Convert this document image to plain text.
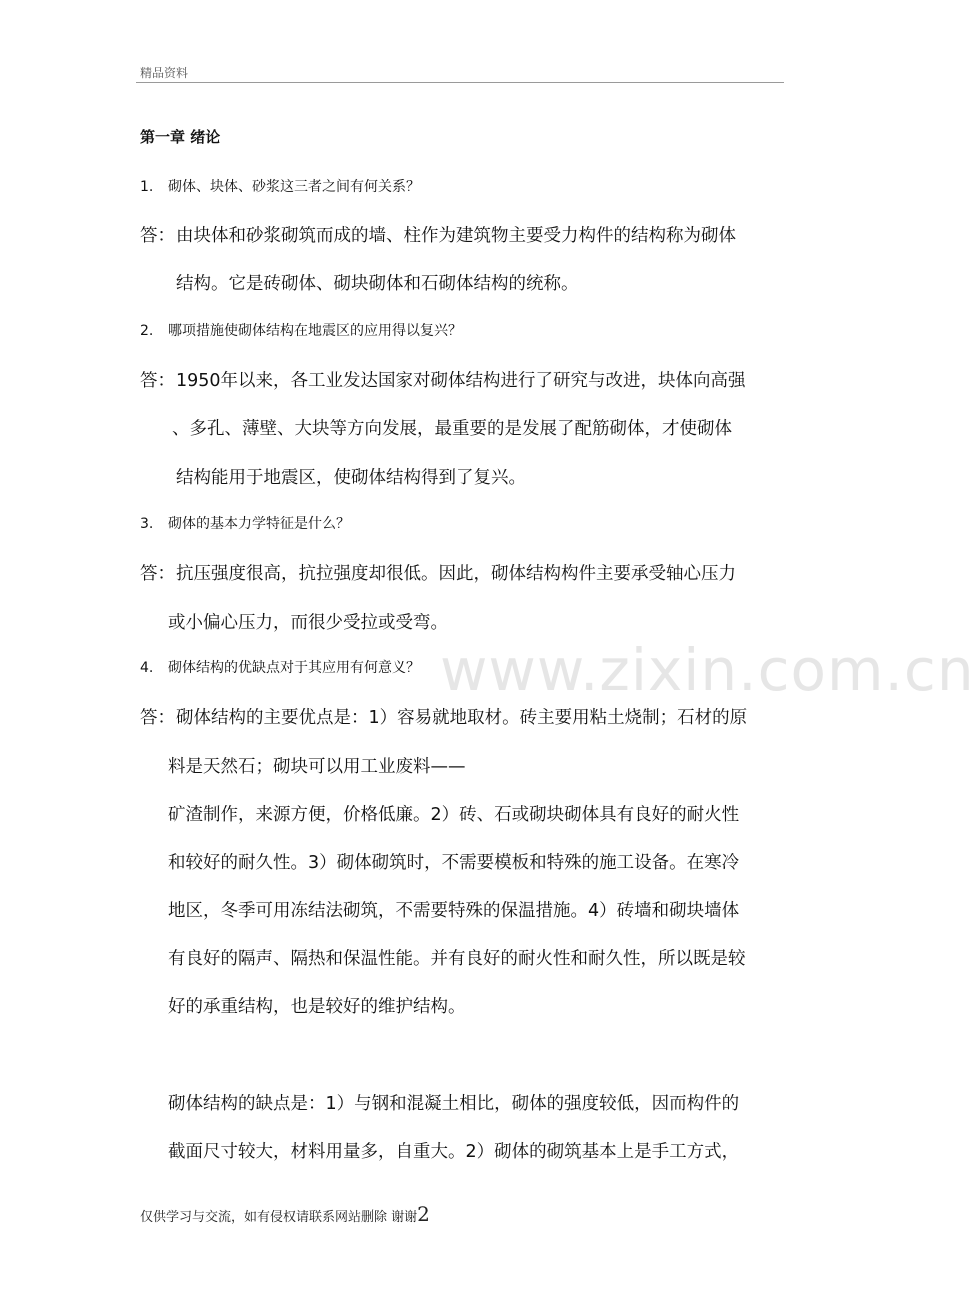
精品资料
www.zixin.com.cn
第一章 绪论
1. 砌体、块体、砂浆这三者之间有何关系？
答：由块体和砂浆砌筑而成的墙、柱作为建筑物主要受力构件的结构称为砌体
结构。它是砖砌体、砌块砌体和石砌体结构的统称。
2. 哪项措施使砌体结构在地震区的应用得以复兴？
答：1950年以来，各工业发达国家对砌体结构进行了研究与改进，块体向高强
、多孔、薄壁、大块等方向发展，最重要的是发展了配筋砌体，才使砌体
结构能用于地震区，使砌体结构得到了复兴。
3. 砌体的基本力学特征是什么？
答：抗压强度很高，抗拉强度却很低。因此，砌体结构构件主要承受轴心压力
或小偏心压力，而很少受拉或受弯。
4. 砌体结构的优缺点对于其应用有何意义？
答：砌体结构的主要优点是：1）容易就地取材。砖主要用粘土烧制；石材的原
料是天然石；砌块可以用工业废料——
矿渣制作，来源方便，价格低廉。2）砖、石或砌块砌体具有良好的耐火性
和较好的耐久性。3）砌体砌筑时，不需要模板和特殊的施工设备。在寒冷
地区，冬季可用冻结法砌筑，不需要特殊的保温措施。4）砖墙和砌块墙体
有良好的隔声、隔热和保温性能。并有良好的耐火性和耐久性，所以既是较
好的承重结构，也是较好的维护结构。
砌体结构的缺点是：1）与钢和混凝土相比，砌体的强度较低，因而构件的
截面尺寸较大，材料用量多，自重大。2）砌体的砌筑基本上是手工方式，
仅供学习与交流，如有侵权请联系网站删除 谢谢2
